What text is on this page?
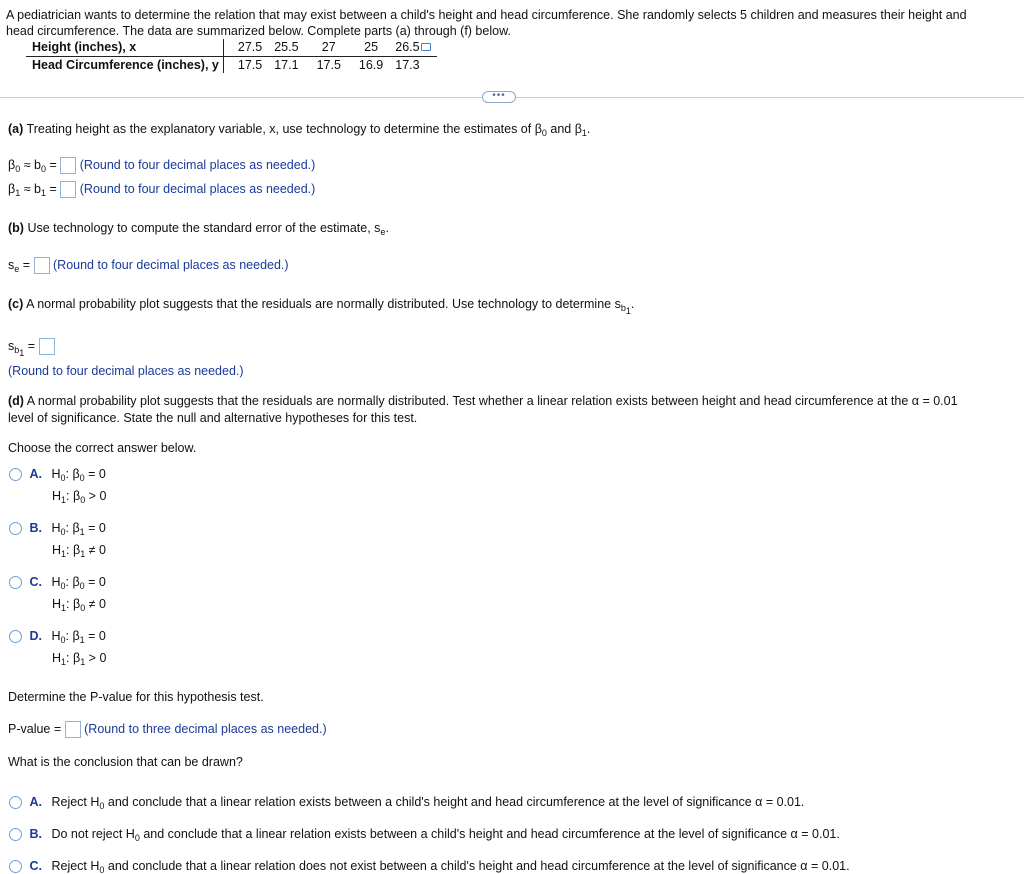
A pediatrician wants to determine the relation that may exist between a child's height and head circumference. She randomly selects 5 children and measures their height and
head circumference. The data are summarized below. Complete parts (a) through (f) below.
Height (inches), x	27.5	25.5	27	25	26.5
Head Circumference (inches), y	17.5	17.1	17.5	16.9	17.3
•••
(a) Treating height as the explanatory variable, x, use technology to determine the estimates of $\beta_0$ and $\beta_1$.
$\beta_0 \approx b_0$ = (Round to four decimal places as needed.)
$\beta_1 \approx b_1$ = (Round to four decimal places as needed.)
(b) Use technology to compute the standard error of the estimate, $s_e$.
$s_e$ = (Round to four decimal places as needed.)
(c) A normal probability plot suggests that the residuals are normally distributed. Use technology to determine $s_{b_1}$.
$s_{b_1}$ =
(Round to four decimal places as needed.)
(d) A normal probability plot suggests that the residuals are normally distributed. Test whether a linear relation exists between height and head circumference at the α = 0.01
level of significance. State the null and alternative hypotheses for this test.
Choose the correct answer below.
A. $H_0$: $\beta_0 = 0$
$H_1$: $\beta_0 > 0$
B. $H_0$: $\beta_1 = 0$
$H_1$: $\beta_1 \ne 0$
C. $H_0$: $\beta_0 = 0$
$H_1$: $\beta_0 \ne 0$
D. $H_0$: $\beta_1 = 0$
$H_1$: $\beta_1 > 0$
Determine the P-value for this hypothesis test.
P-value = (Round to three decimal places as needed.)
What is the conclusion that can be drawn?
A. Reject $H_0$ and conclude that a linear relation exists between a child's height and head circumference at the level of significance α = 0.01.
B. Do not reject $H_0$ and conclude that a linear relation exists between a child's height and head circumference at the level of significance α = 0.01.
C. Reject $H_0$ and conclude that a linear relation does not exist between a child's height and head circumference at the level of significance α = 0.01.
